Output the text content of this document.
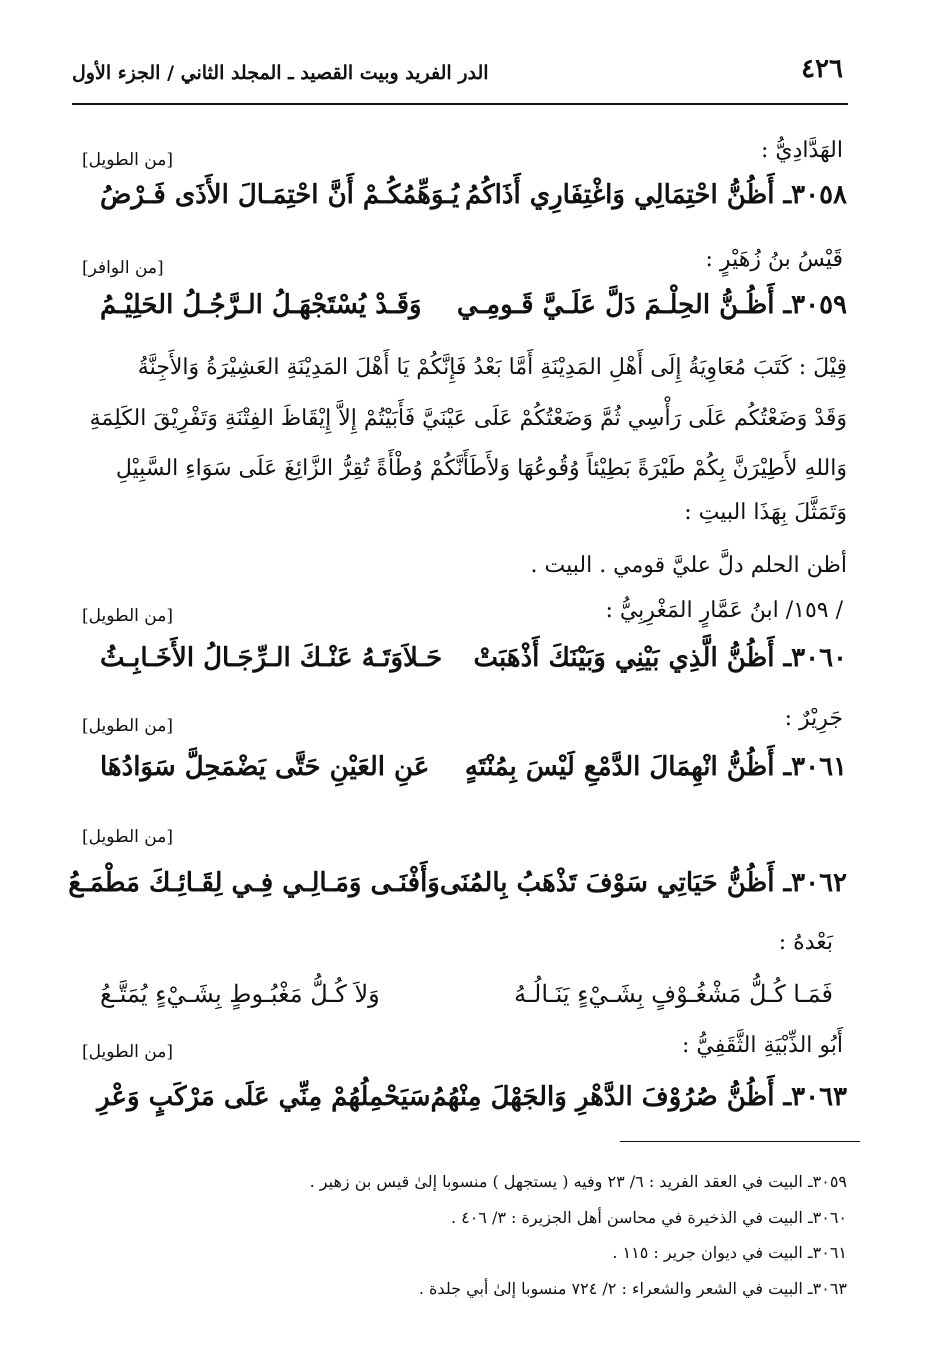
٤٢٦
الدر الفريد وبيت القصيد ـ المجلد الثاني / الجزء الأول
الهَدَّادِيُّ :
[من الطويل]
٣٠٥٨ـ أَظُنُّ احْتِمَالِي وَاغْتِفَارِي أَذَاكُمُ
يُـوَهِّمُكُـمْ أَنَّ احْتِمَـالَ الأَذَى فَـرْضُ
قَيْسُ بنُ زُهَيْرٍ :
[من الوافر]
٣٠٥٩ـ أَظُـنُّ الحِلْـمَ دَلَّ عَلَـيَّ قَـومِـي
وَقَـدْ يُسْتَجْهَـلُ الـرَّجُـلُ الحَلِيْـمُ
قِيْلَ : كَتَبَ مُعَاوِيَةُ إِلَى أَهْلِ المَدِيْنَةِ أَمَّا بَعْدُ فَإِنَّكُمْ يَا أَهْلَ المَدِيْنَةِ العَشِيْرَةُ وَالأَجِنَّةُ
وَقَدْ وَضَعْتُكُم عَلَى رَأْسِي ثُمَّ وَضَعْتُكُمْ عَلَى عَيْنَيَّ فَأَبَيْتُمْ إِلاَّ إِيْقَاظَ الفِتْنَةِ وَتَفْرِيْقَ الكَلِمَةِ
وَاللهِ لأَطِيْرَنَّ بِكُمْ طَيْرَةً بَطِيْئاً وُقُوعُهَا وَلأَطَأَنَّكُمْ وُطْأَةً تُقِرُّ الزَّائِغَ عَلَى سَوَاءِ السَّبِيْلِ
وَتَمَثَّلَ بِهَذَا البيتِ :
أظن الحلم دلَّ عليَّ قومي . البيت .
/ ١٥٩/ ابنُ عَمَّارٍ المَغْرِبِيُّ :
[من الطويل]
٣٠٦٠ـ أَظُنُّ الَّذِي بَيْنِي وَبَيْنَكَ أَذْهَبَتْ
حَـلاَوَتَـهُ عَنْـكَ الـرِّجَـالُ الأَخَـابِـثُ
جَرِيْرٌ :
[من الطويل]
٣٠٦١ـ أَظُنُّ انْهِمَالَ الدَّمْعِ لَيْسَ بِمُنْتَهٍ
عَنِ العَيْنِ حَتَّى يَضْمَحِلَّ سَوَادُهَا
[من الطويل]
٣٠٦٢ـ أَظُنُّ حَيَاتِي سَوْفَ تَذْهَبُ بِالمُنَى
وَأَفْنَـى وَمَـالِـي فِـي لِقَـائِـكَ مَطْمَـعُ
بَعْدهُ :
فَمَـا كُـلُّ مَشْغُـوْفٍ بِشَـيْءٍ يَنَـالُـهُ
وَلاَ كُـلُّ مَغْبُـوطٍ بِشَـيْءٍ يُمَتَّـعُ
أَبُو الذِّبْيَةِ الثَّقَفِيُّ :
[من الطويل]
٣٠٦٣ـ أَظُنُّ صُرُوْفَ الدَّهْرِ وَالجَهْلَ مِنْهُمُ
سَيَحْمِلُهُمْ مِنِّي عَلَى مَرْكَبٍ وَعْرِ
٣٠٥٩ـ البيت في العقد الفريد : ٦/ ٢٣ وفيه ( يستجهل ) منسوبا إلىٰ قيس بن زهير .
٣٠٦٠ـ البيت في الذخيرة في محاسن أهل الجزيرة : ٣/ ٤٠٦ .
٣٠٦١ـ البيت في ديوان جرير : ١١٥ .
٣٠٦٣ـ البيت في الشعر والشعراء : ٢/ ٧٢٤ منسوبا إلىٰ أبي جلدة .
